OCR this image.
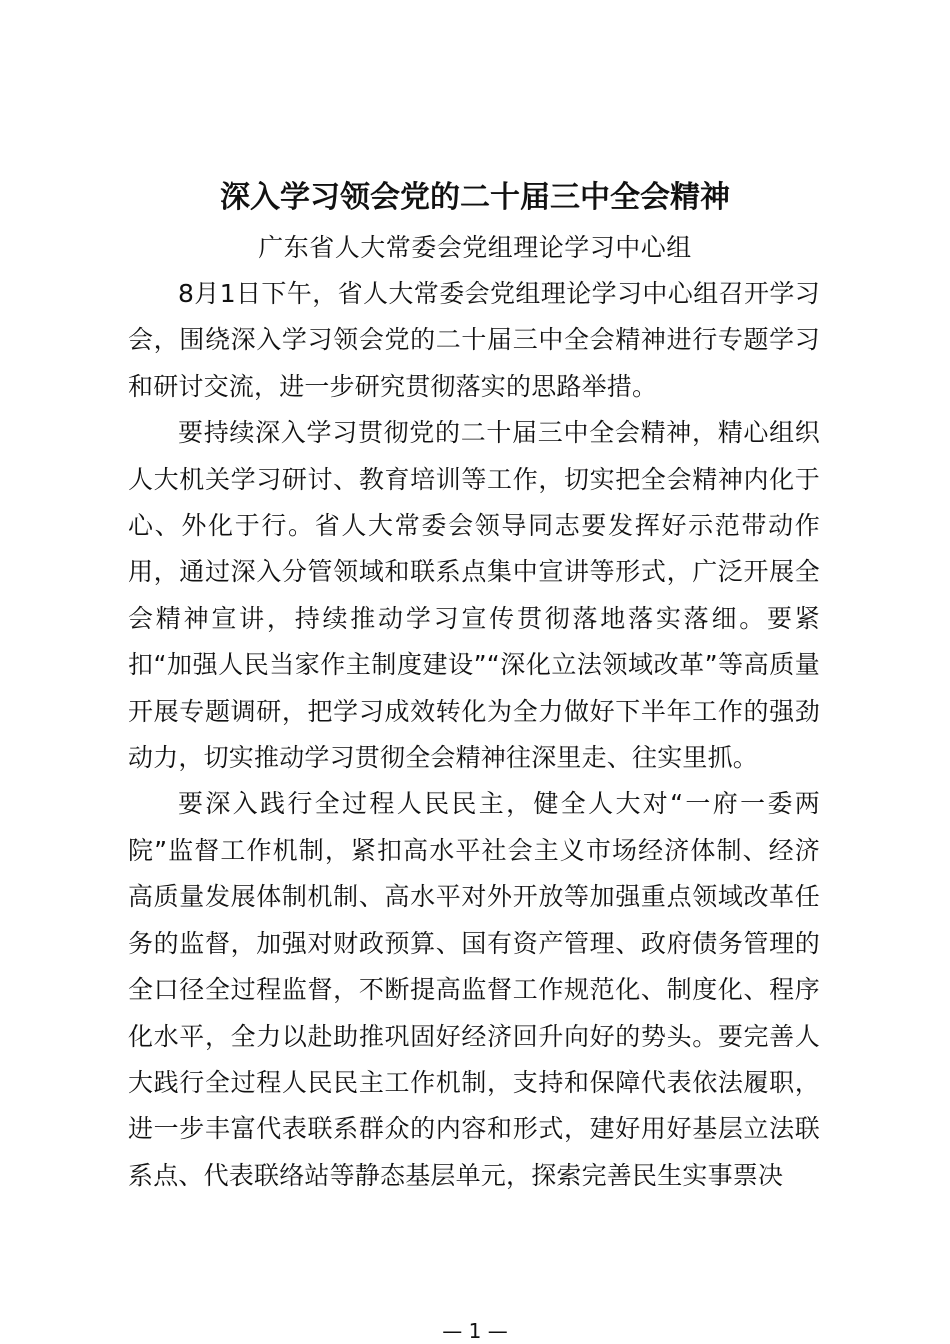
深入学习领会党的二十届三中全会精神
广东省人大常委会党组理论学习中心组

8月1日下午，省人大常委会党组理论学习中心组召开学习会，围绕深入学习领会党的二十届三中全会精神进行专题学习和研讨交流，进一步研究贯彻落实的思路举措。

要持续深入学习贯彻党的二十届三中全会精神，精心组织人大机关学习研讨、教育培训等工作，切实把全会精神内化于心、外化于行。省人大常委会领导同志要发挥好示范带动作用，通过深入分管领域和联系点集中宣讲等形式，广泛开展全会精神宣讲，持续推动学习宣传贯彻落地落实落细。要紧扣“加强人民当家作主制度建设”“深化立法领域改革”等高质量开展专题调研，把学习成效转化为全力做好下半年工作的强劲动力，切实推动学习贯彻全会精神往深里走、往实里抓。

要深入践行全过程人民民主，健全人大对“一府一委两院”监督工作机制，紧扣高水平社会主义市场经济体制、经济高质量发展体制机制、高水平对外开放等加强重点领域改革任务的监督，加强对财政预算、国有资产管理、政府债务管理的全口径全过程监督，不断提高监督工作规范化、制度化、程序化水平，全力以赴助推巩固好经济回升向好的势头。要完善人大践行全过程人民民主工作机制，支持和保障代表依法履职，进一步丰富代表联系群众的内容和形式，建好用好基层立法联系点、代表联络站等静态基层单元，探索完善民生实事票决

— 1 —
